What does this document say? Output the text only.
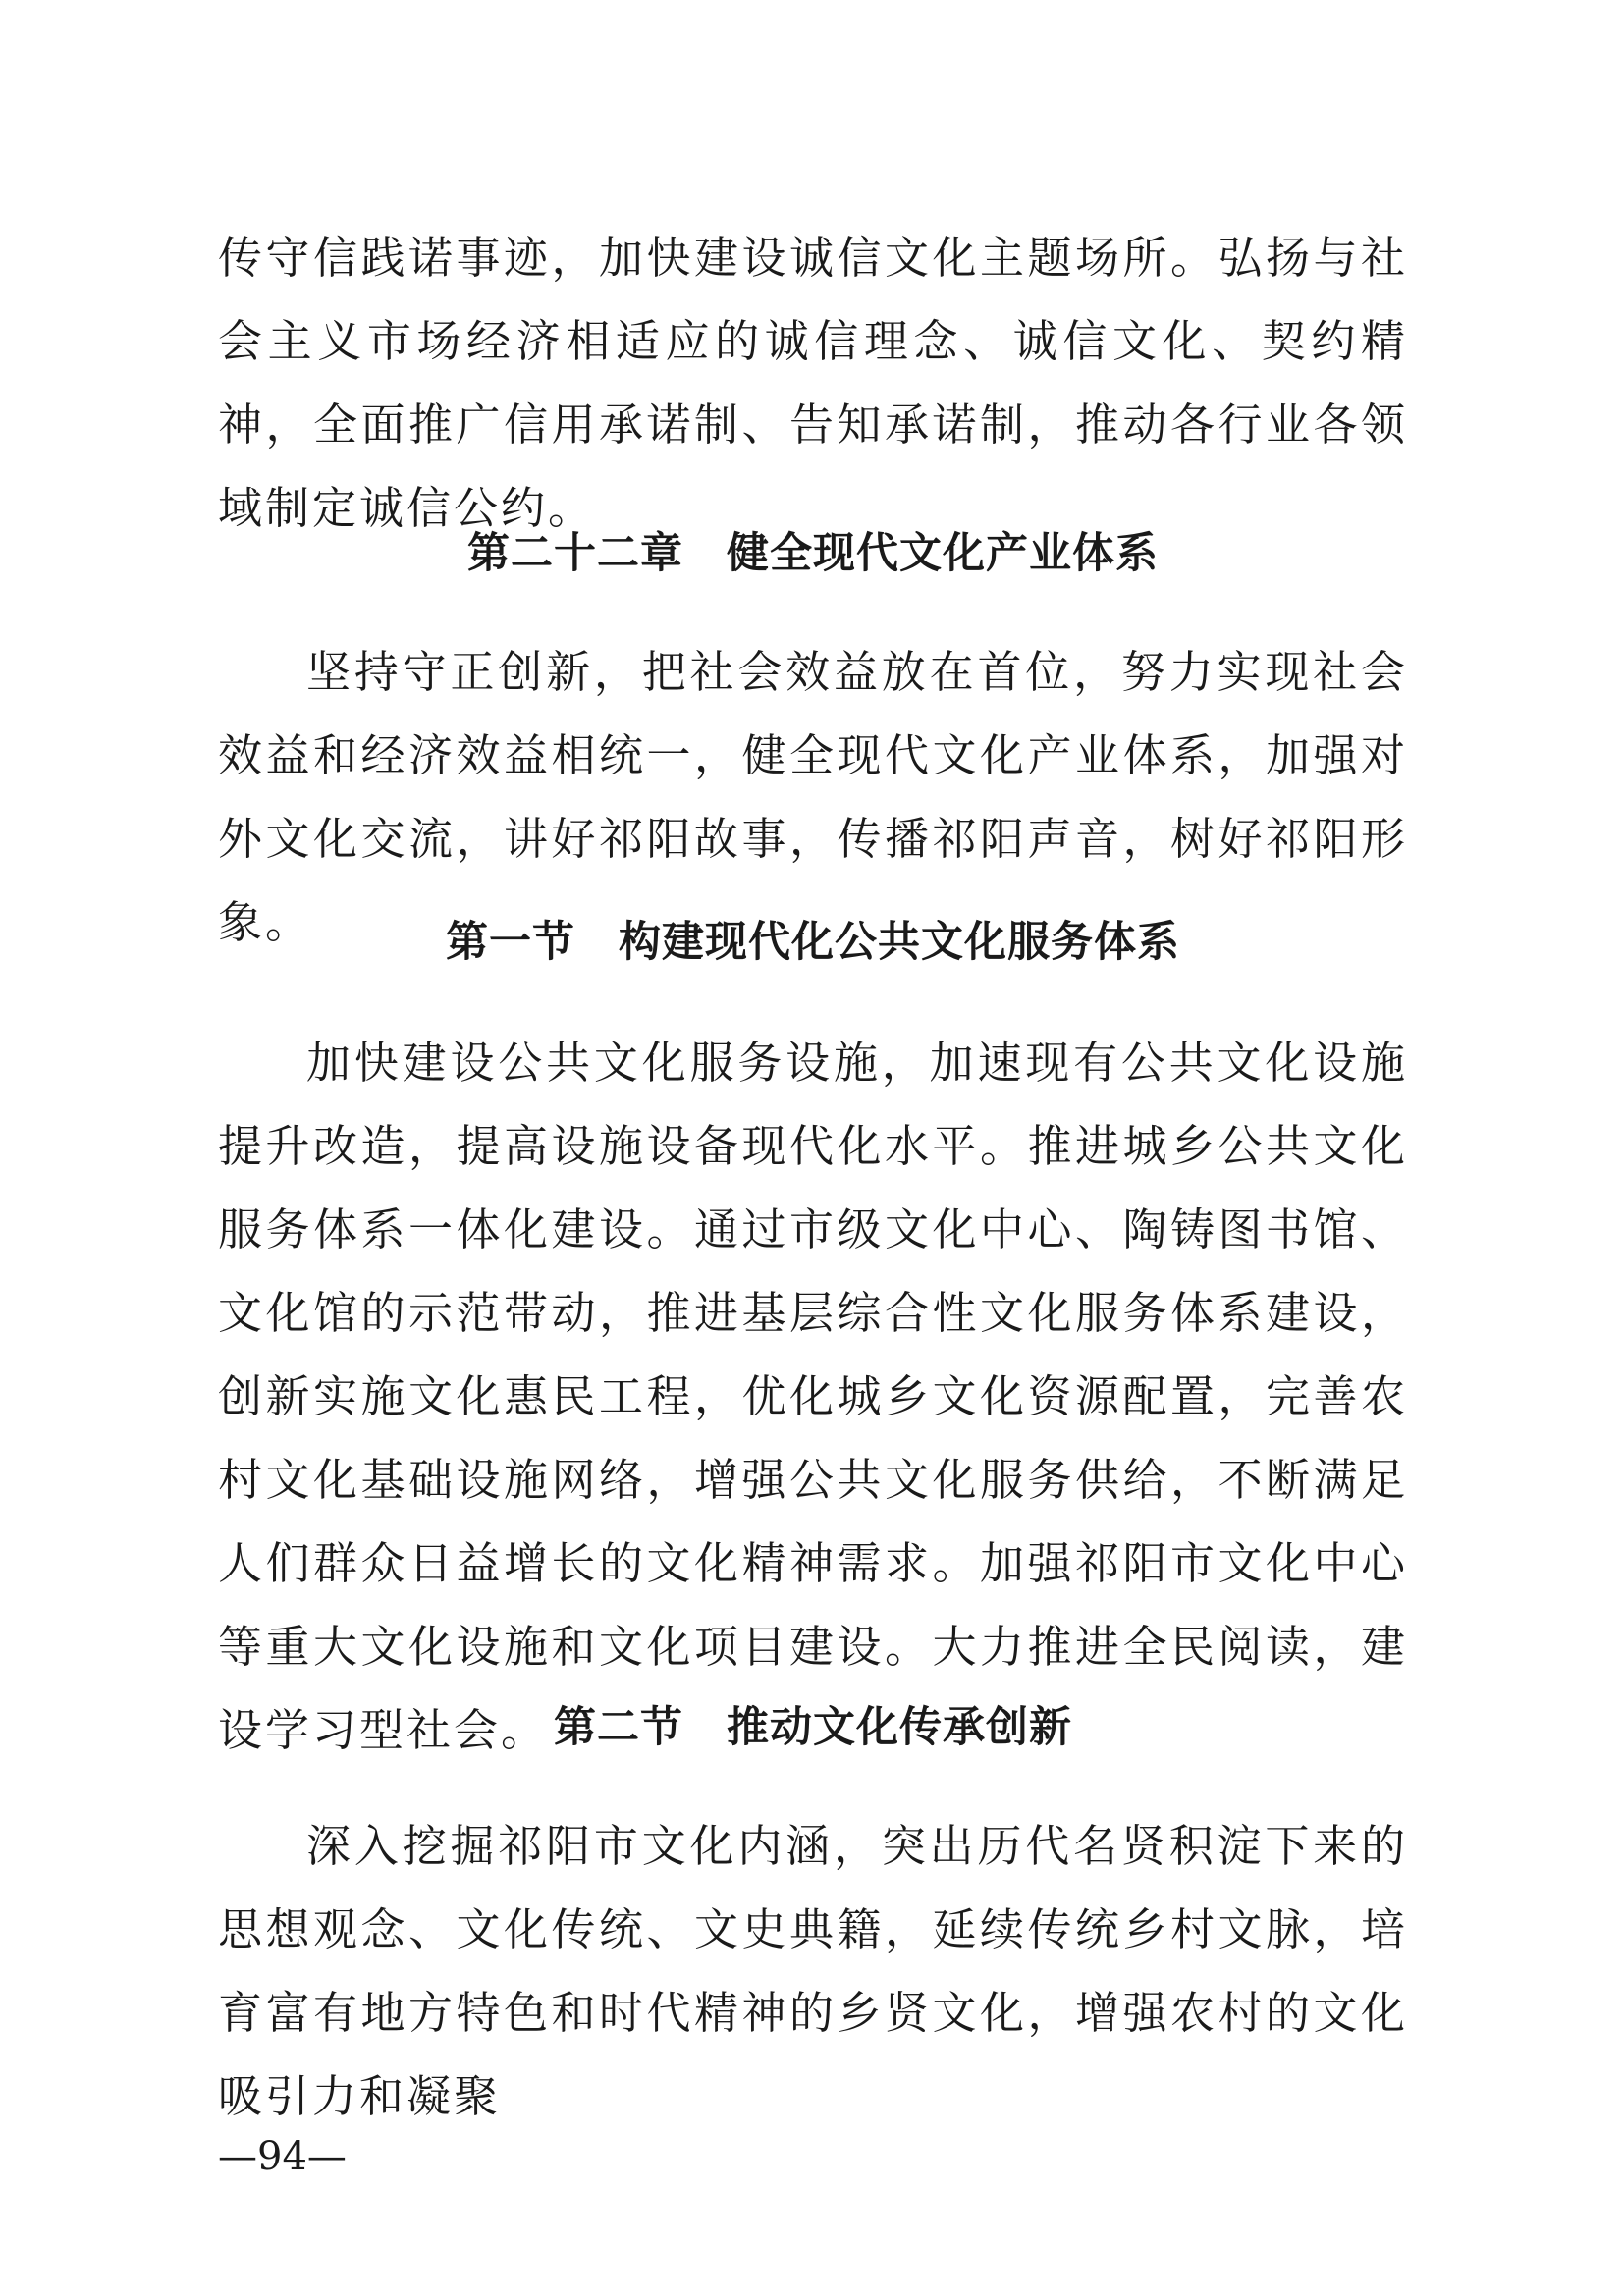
传守信践诺事迹，加快建设诚信文化主题场所。弘扬与社会主义市场经济相适应的诚信理念、诚信文化、契约精神，全面推广信用承诺制、告知承诺制，推动各行业各领域制定诚信公约。

第二十二章　健全现代文化产业体系

坚持守正创新，把社会效益放在首位，努力实现社会效益和经济效益相统一，健全现代文化产业体系，加强对外文化交流，讲好祁阳故事，传播祁阳声音，树好祁阳形象。	第一节　构建现代化公共文化服务体系

加快建设公共文化服务设施，加速现有公共文化设施提升改造，提高设施设备现代化水平。推进城乡公共文化服务体系一体化建设。通过市级文化中心、陶铸图书馆、文化馆的示范带动，推进基层综合性文化服务体系建设，创新实施文化惠民工程，优化城乡文化资源配置，完善农村文化基础设施网络，增强公共文化服务供给，不断满足人们群众日益增长的文化精神需求。加强祁阳市文化中心等重大文化设施和文化项目建设。大力推进全民阅读，建设学习型社会。 第二节　推动文化传承创新

深入挖掘祁阳市文化内涵，突出历代名贤积淀下来的思想观念、文化传统、文史典籍，延续传统乡村文脉，培育富有地方特色和时代精神的乡贤文化，增强农村的文化吸引力和凝聚

—94—
